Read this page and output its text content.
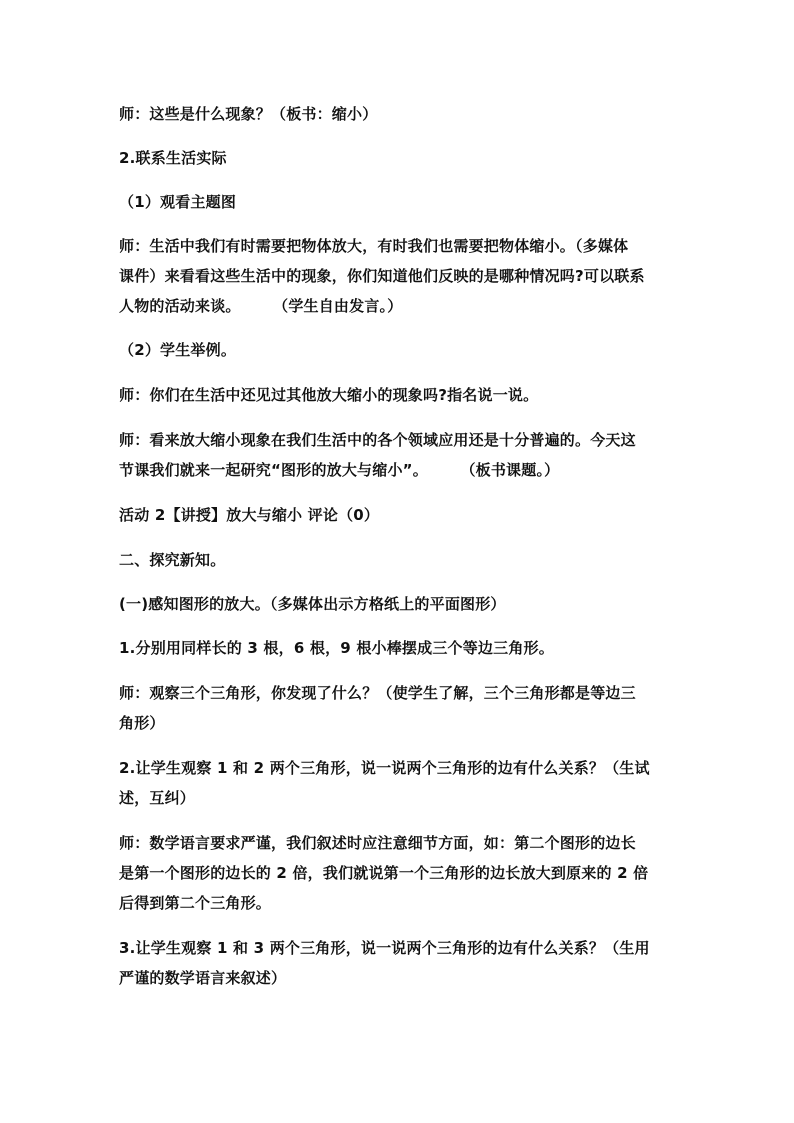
师：这些是什么现象？（板书：缩小）
2.联系生活实际
（1）观看主题图
师：生活中我们有时需要把物体放大，有时我们也需要把物体缩小。（多媒体
课件）来看看这些生活中的现象，你们知道他们反映的是哪种情况吗?可以联系
人物的活动来谈。      （学生自由发言。）
（2）学生举例。
师：你们在生活中还见过其他放大缩小的现象吗?指名说一说。
师：看来放大缩小现象在我们生活中的各个领域应用还是十分普遍的。今天这
节课我们就来一起研究“图形的放大与缩小”。      （板书课题。）
活动 2【讲授】放大与缩小 评论（0）
二、探究新知。
(一)感知图形的放大。（多媒体出示方格纸上的平面图形）
1.分别用同样长的 3 根，6 根，9 根小棒摆成三个等边三角形。
师：观察三个三角形，你发现了什么？（使学生了解，三个三角形都是等边三
角形）
2.让学生观察 1 和 2 两个三角形，说一说两个三角形的边有什么关系？（生试
述，互纠）
师：数学语言要求严谨，我们叙述时应注意细节方面，如：第二个图形的边长
是第一个图形的边长的 2 倍，我们就说第一个三角形的边长放大到原来的 2 倍
后得到第二个三角形。
3.让学生观察 1 和 3 两个三角形，说一说两个三角形的边有什么关系？（生用
严谨的数学语言来叙述）
